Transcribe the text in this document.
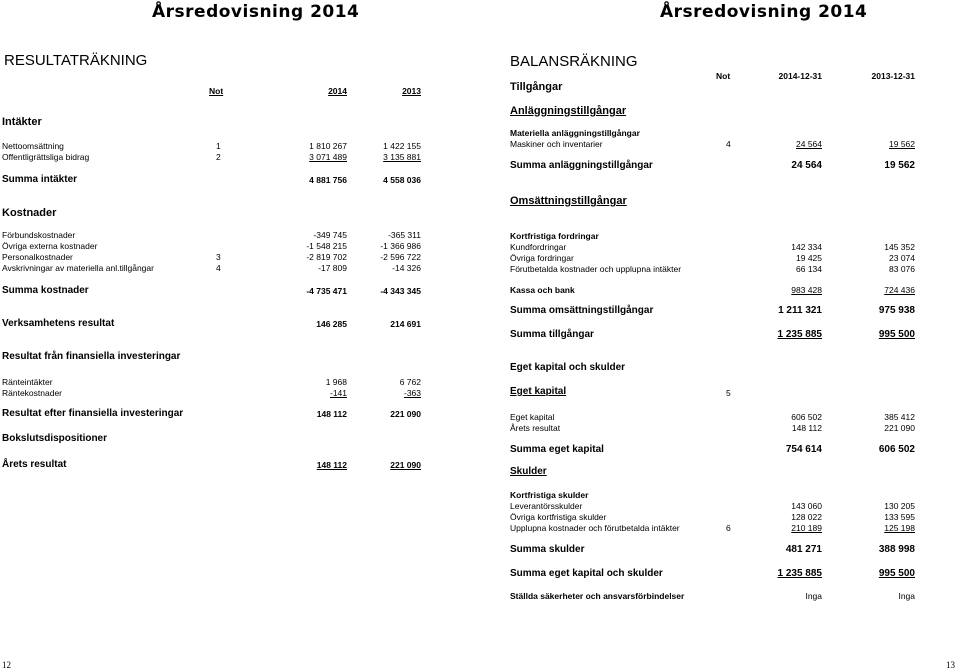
Årsredovisning 2014	Årsredovisning 2014
RESULTATRÄKNING
Not	2014	2013
Intäkter
Nettoomsättning	1	1 810 267	1 422 155
Offentligrättsliga bidrag	2	3 071 489	3 135 881
Summa intäkter	4 881 756	4 558 036
Kostnader
Förbundskostnader	-349 745	-365 311
Övriga externa kostnader	-1 548 215	-1 366 986
Personalkostnader	3	-2 819 702	-2 596 722
Avskrivningar av materiella anl.tillgångar	4	-17 809	-14 326
Summa kostnader	-4 735 471	-4 343 345
Verksamhetens resultat	146 285	214 691
Resultat från finansiella investeringar
Ränteintäkter	1 968	6 762
Räntekostnader	-141	-363
Resultat efter finansiella investeringar	148 112	221 090
Bokslutsdispositioner
Årets resultat	148 112	221 090
BALANSRÄKNING
Tillgångar
Not	2014-12-31	2013-12-31
Anläggningstillgångar
Materiella anläggningstillgångar
Maskiner och inventarier	4	24 564	19 562
Summa anläggningstillgångar	24 564	19 562
Omsättningstillgångar
Kortfristiga fordringar
Kundfordringar	142 334	145 352
Övriga fordringar	19 425	23 074
Förutbetalda kostnader och upplupna intäkter	66 134	83 076
Kassa och bank	983 428	724 436
Summa omsättningstillgångar	1 211 321	975 938
Summa tillgångar	1 235 885	995 500
Eget kapital och skulder
Eget kapital	5
Eget kapital	606 502	385 412
Årets resultat	148 112	221 090
Summa eget kapital	754 614	606 502
Skulder
Kortfristiga skulder
Leverantörsskulder	143 060	130 205
Övriga kortfristiga skulder	128 022	133 595
Upplupna kostnader och förutbetalda intäkter	6	210 189	125 198
Summa skulder	481 271	388 998
Summa eget kapital och skulder	1 235 885	995 500
Ställda säkerheter och ansvarsförbindelser	Inga	Inga
12	13
